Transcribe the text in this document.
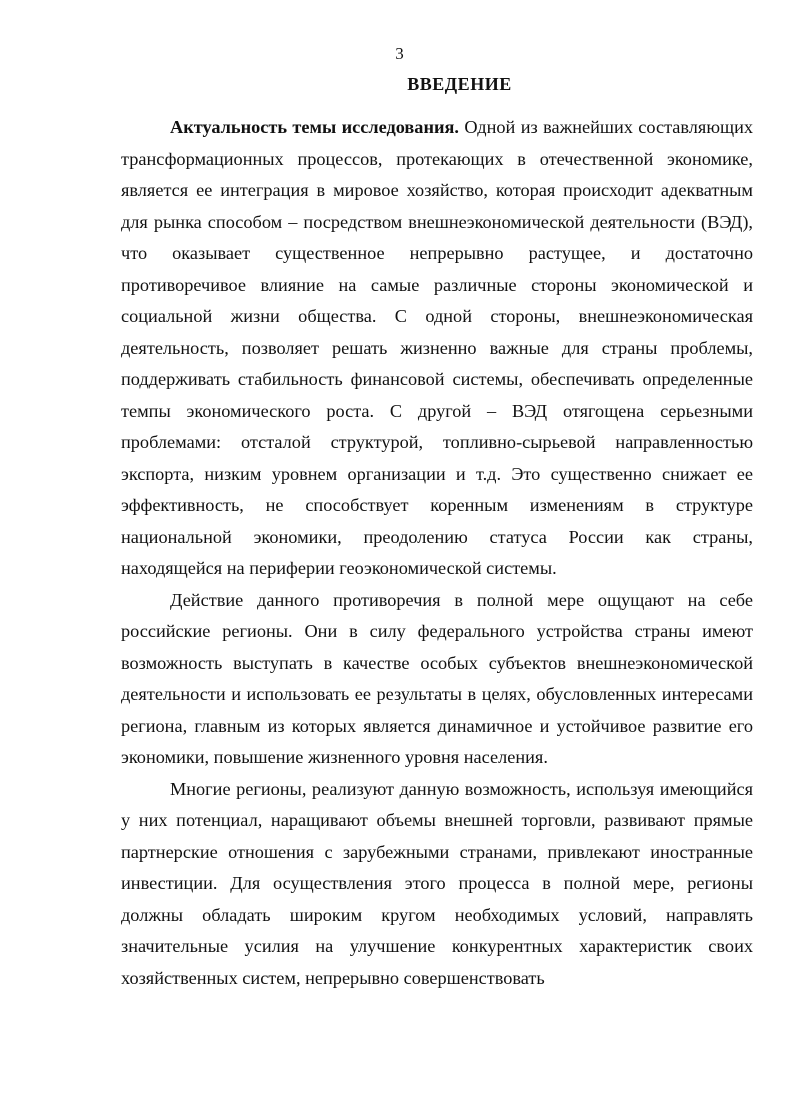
3
ВВЕДЕНИЕ

Актуальность темы исследования. Одной из важнейших составляющих трансформационных процессов, протекающих в отечественной экономике, является ее интеграция в мировое хозяйство, которая происходит адекватным для рынка способом – посредством внешнеэкономической деятельности (ВЭД), что оказывает существенное непрерывно растущее, и достаточно противоречивое влияние на самые различные стороны экономической и социальной жизни общества. С одной стороны, внешнеэкономическая деятельность, позволяет решать жизненно важные для страны проблемы, поддерживать стабильность финансовой системы, обеспечивать определенные темпы экономического роста. С другой – ВЭД отягощена серьезными проблемами: отсталой структурой, топливно-сырьевой направленностью экспорта, низким уровнем организации и т.д. Это существенно снижает ее эффективность, не способствует коренным изменениям в структуре национальной экономики, преодолению статуса России как страны, находящейся на периферии геоэкономической системы.

Действие данного противоречия в полной мере ощущают на себе российские регионы. Они в силу федерального устройства страны имеют возможность выступать в качестве особых субъектов внешнеэкономической деятельности и использовать ее результаты в целях, обусловленных интересами региона, главным из которых является динамичное и устойчивое развитие его экономики, повышение жизненного уровня населения.

Многие регионы, реализуют данную возможность, используя имеющийся у них потенциал, наращивают объемы внешней торговли, развивают прямые партнерские отношения с зарубежными странами, привлекают иностранные инвестиции. Для осуществления этого процесса в полной мере, регионы должны обладать широким кругом необходимых условий, направлять значительные усилия на улучшение конкурентных характеристик своих хозяйственных систем, непрерывно совершенствовать
